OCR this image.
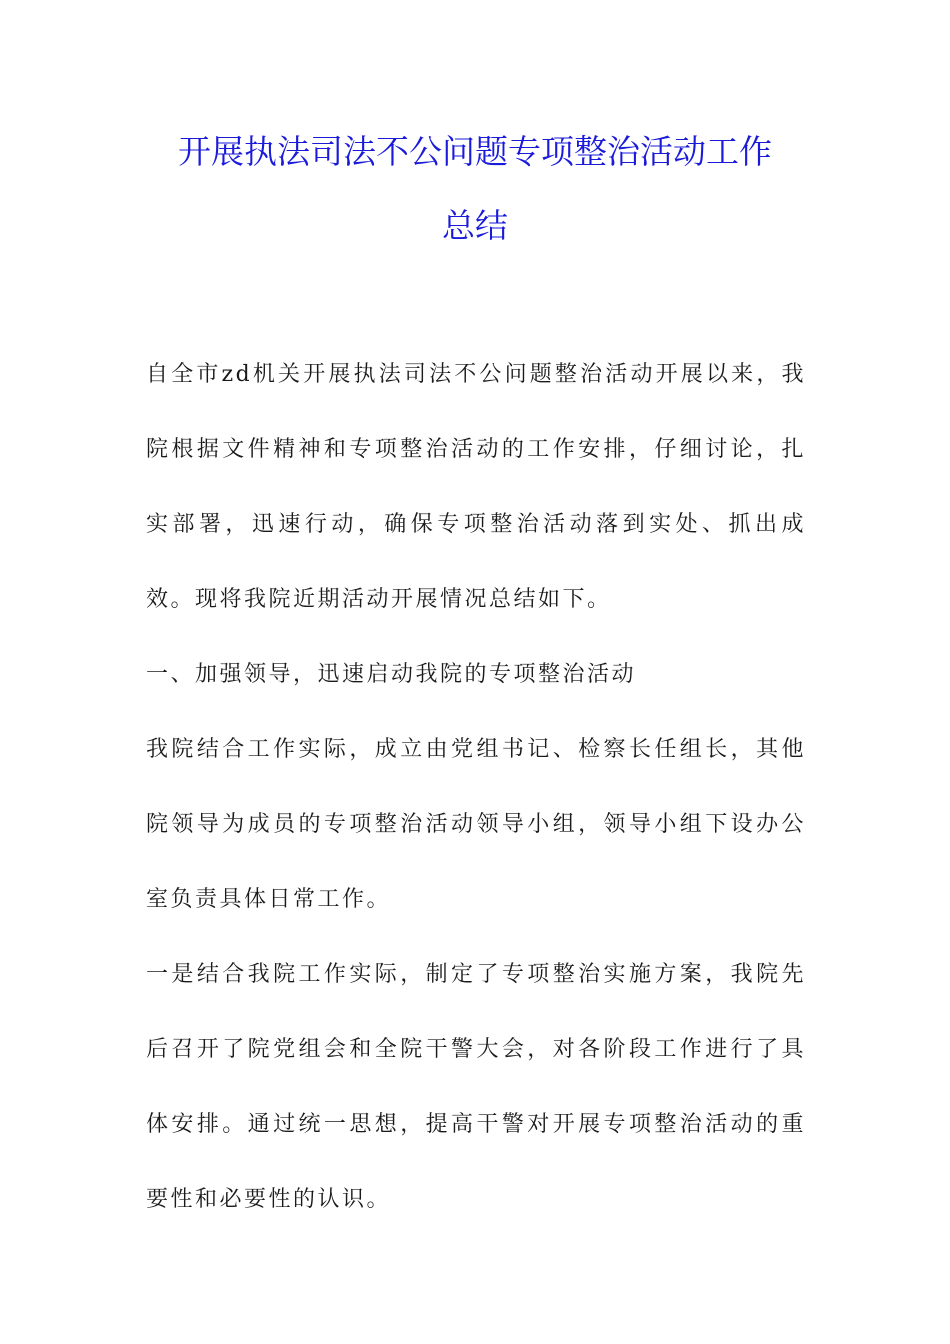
开展执法司法不公问题专项整治活动工作
总结

自全市zd机关开展执法司法不公问题整治活动开展以来，我院根据文件精神和专项整治活动的工作安排，仔细讨论，扎实部署，迅速行动，确保专项整治活动落到实处、抓出成效。现将我院近期活动开展情况总结如下。

一、加强领导，迅速启动我院的专项整治活动

我院结合工作实际，成立由党组书记、检察长任组长，其他院领导为成员的专项整治活动领导小组，领导小组下设办公室负责具体日常工作。

一是结合我院工作实际，制定了专项整治实施方案，我院先后召开了院党组会和全院干警大会，对各阶段工作进行了具体安排。通过统一思想，提高干警对开展专项整治活动的重要性和必要性的认识。
